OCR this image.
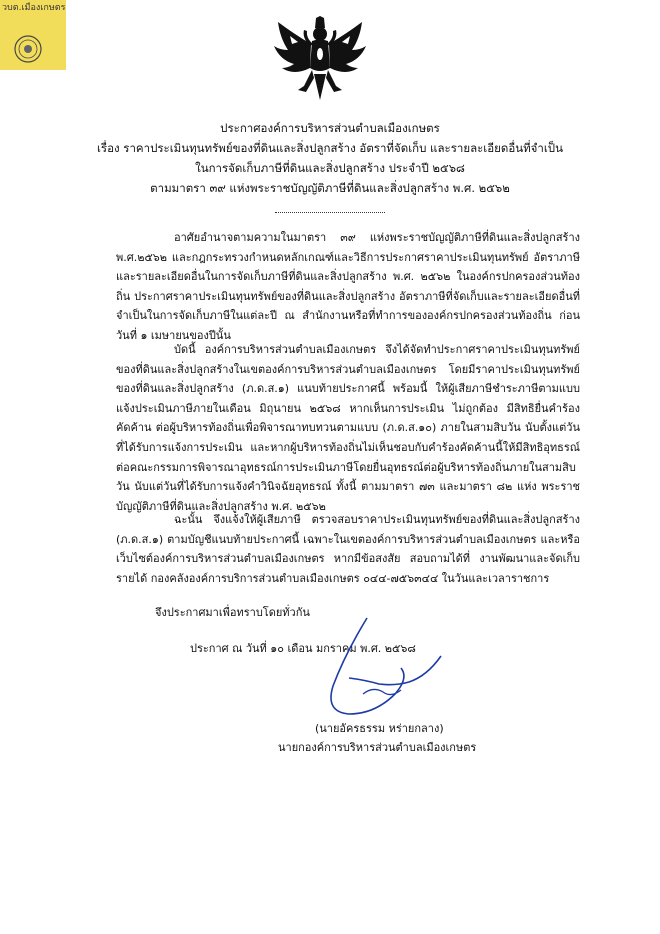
วบต.เมืองเกษตร
ประกาศองค์การบริหารส่วนตำบลเมืองเกษตร
เรื่อง ราคาประเมินทุนทรัพย์ของที่ดินและสิ่งปลูกสร้าง อัตราที่จัดเก็บ และรายละเอียดอื่นที่จำเป็น
ในการจัดเก็บภาษีที่ดินและสิ่งปลูกสร้าง ประจำปี ๒๕๖๘
ตามมาตรา ๓๙ แห่งพระราชบัญญัติภาษีที่ดินและสิ่งปลูกสร้าง พ.ศ. ๒๕๖๒
อาศัยอำนาจตามความในมาตรา ๓๙ แห่งพระราชบัญญัติภาษีที่ดินและสิ่งปลูกสร้าง พ.ศ.๒๕๖๒ และกฎกระทรวงกำหนดหลักเกณฑ์และวิธีการประกาศราคาประเมินทุนทรัพย์ อัตราภาษีและรายละเอียดอื่นในการจัดเก็บภาษีที่ดินและสิ่งปลูกสร้าง พ.ศ. ๒๕๖๒ ในองค์กรปกครองส่วนท้องถิ่น ประกาศราคาประเมินทุนทรัพย์ของที่ดินและสิ่งปลูกสร้าง อัตราภาษีที่จัดเก็บและรายละเอียดอื่นที่จำเป็นในการจัดเก็บภาษีในแต่ละปี ณ สำนักงานหรือที่ทำการขององค์กรปกครองส่วนท้องถิ่น ก่อนวันที่ ๑ เมษายนของปีนั้น
บัดนี้ องค์การบริหารส่วนตำบลเมืองเกษตร จึงได้จัดทำประกาศราคาประเมินทุนทรัพย์ของที่ดินและสิ่งปลูกสร้างในเขตองค์การบริหารส่วนตำบลเมืองเกษตร โดยมีราคาประเมินทุนทรัพย์ของที่ดินและสิ่งปลูกสร้าง (ภ.ด.ส.๑) แนบท้ายประกาศนี้ พร้อมนี้ ให้ผู้เสียภาษีชำระภาษีตามแบบแจ้งประเมินภาษีภายในเดือน มิถุนายน ๒๕๖๘ หากเห็นการประเมิน ไม่ถูกต้อง มีสิทธิยื่นคำร้องคัดค้าน ต่อผู้บริหารท้องถิ่นเพื่อพิจารณาทบทวนตามแบบ (ภ.ด.ส.๑๐) ภายในสามสิบวัน นับตั้งแต่วันที่ได้รับการแจ้งการประเมิน และหากผู้บริหารท้องถิ่นไม่เห็นชอบกับคำร้องคัดค้านนี้ให้มีสิทธิอุทธรณ์ ต่อคณะกรรมการพิจารณาอุทธรณ์การประเมินภาษีโดยยื่นอุทธรณ์ต่อผู้บริหารท้องถิ่นภายในสามสิบวัน นับแต่วันที่ได้รับการแจ้งคำวินิจฉัยอุทธรณ์ ทั้งนี้ ตามมาตรา ๗๓ และมาตรา ๘๒ แห่ง พระราชบัญญัติภาษีที่ดินและสิ่งปลูกสร้าง พ.ศ. ๒๕๖๒
ฉะนั้น จึงแจ้งให้ผู้เสียภาษี ตรวจสอบราคาประเมินทุนทรัพย์ของที่ดินและสิ่งปลูกสร้าง (ภ.ด.ส.๑) ตามบัญชีแนบท้ายประกาศนี้ เฉพาะในเขตองค์การบริหารส่วนตำบลเมืองเกษตร และหรือเว็บไซต์องค์การบริหารส่วนตำบลเมืองเกษตร หากมีข้อสงสัย สอบถามได้ที่ งานพัฒนาและจัดเก็บรายได้ กองคลังองค์การบริการส่วนตำบลเมืองเกษตร ๐๔๔-๗๕๖๓๔๔ ในวันและเวลาราชการ
จึงประกาศมาเพื่อทราบโดยทั่วกัน
ประกาศ ณ วันที่ ๑๐ เดือน มกราคม พ.ศ. ๒๕๖๘
(นายอัครธรรม หร่ายกลาง)
นายกองค์การบริหารส่วนตำบลเมืองเกษตร
